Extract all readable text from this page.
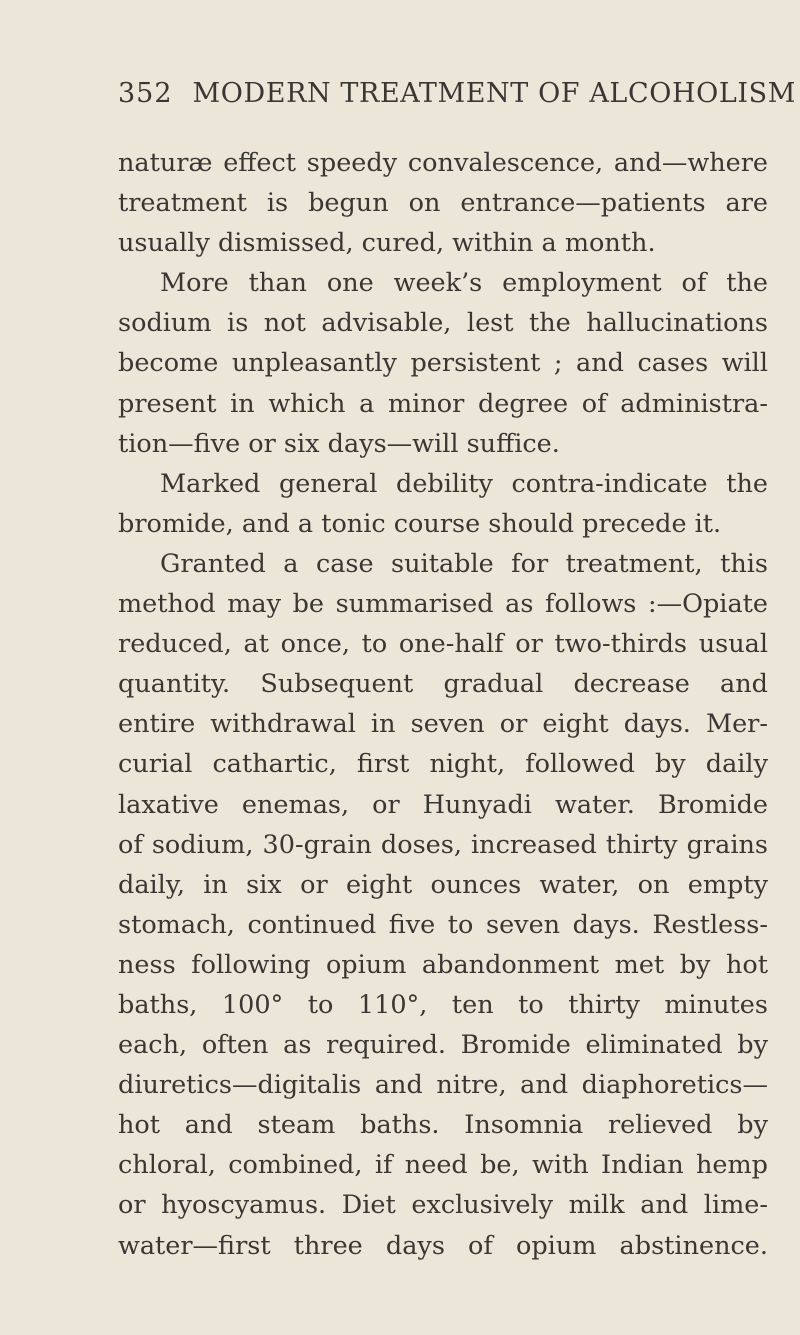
352 MODERN TREATMENT OF ALCOHOLISM
naturæ effect speedy convalescence, and—where
treatment is begun on entrance—patients are
usually dismissed, cured, within a month.
More than one week’s employment of the
sodium is not advisable, lest the hallucinations
become unpleasantly persistent ; and cases will
present in which a minor degree of administra-
tion—five or six days—will suffice.
Marked general debility contra-indicate the
bromide, and a tonic course should precede it.
Granted a case suitable for treatment, this
method may be summarised as follows :—Opiate
reduced, at once, to one-half or two-thirds usual
quantity. Subsequent gradual decrease and
entire withdrawal in seven or eight days. Mer-
curial cathartic, first night, followed by daily
laxative enemas, or Hunyadi water. Bromide
of sodium, 30-grain doses, increased thirty grains
daily, in six or eight ounces water, on empty
stomach, continued five to seven days. Restless-
ness following opium abandonment met by hot
baths, 100° to 110°, ten to thirty minutes
each, often as required. Bromide eliminated by
diuretics—digitalis and nitre, and diaphoretics—
hot and steam baths. Insomnia relieved by
chloral, combined, if need be, with Indian hemp
or hyoscyamus. Diet exclusively milk and lime-
water—first three days of opium abstinence.
